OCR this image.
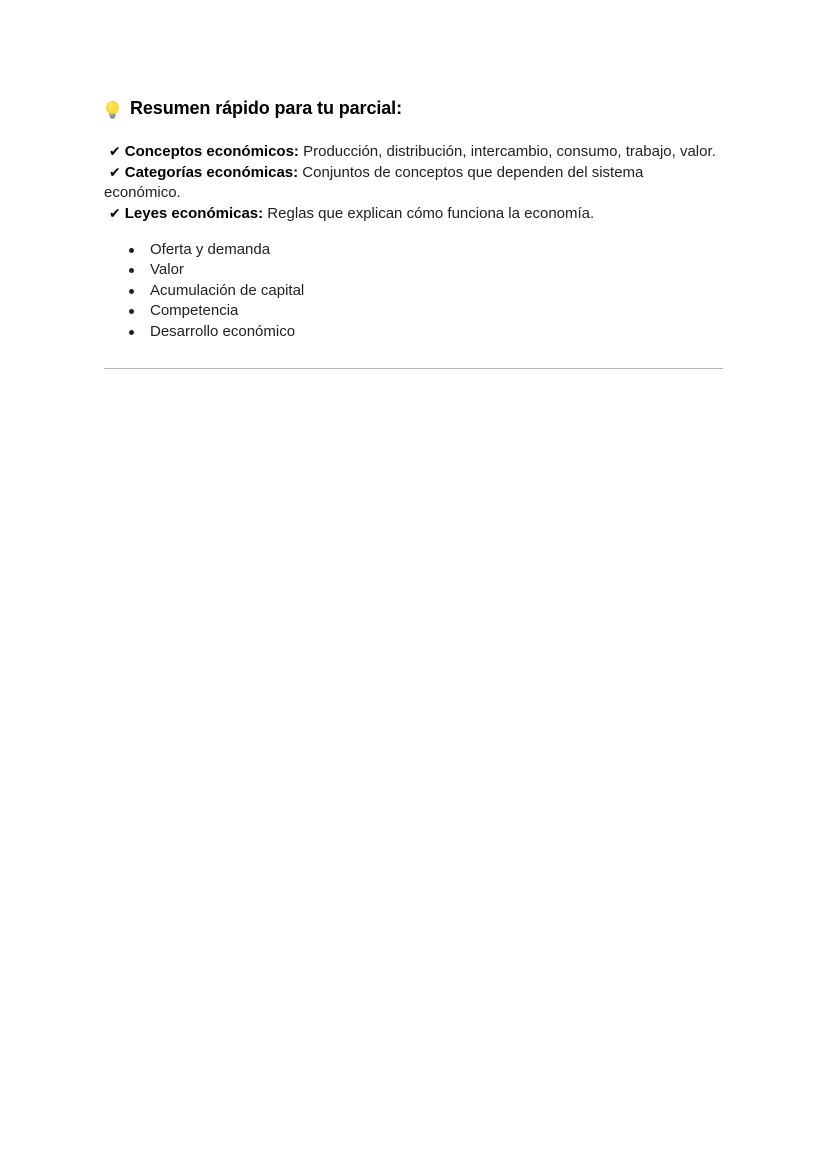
Resumen rápido para tu parcial:

✔ Conceptos económicos: Producción, distribución, intercambio, consumo, trabajo, valor.

✔ Categorías económicas: Conjuntos de conceptos que dependen del sistema económico.

✔ Leyes económicas: Reglas que explican cómo funciona la economía.

Oferta y demanda
Valor
Acumulación de capital
Competencia
Desarrollo económico
